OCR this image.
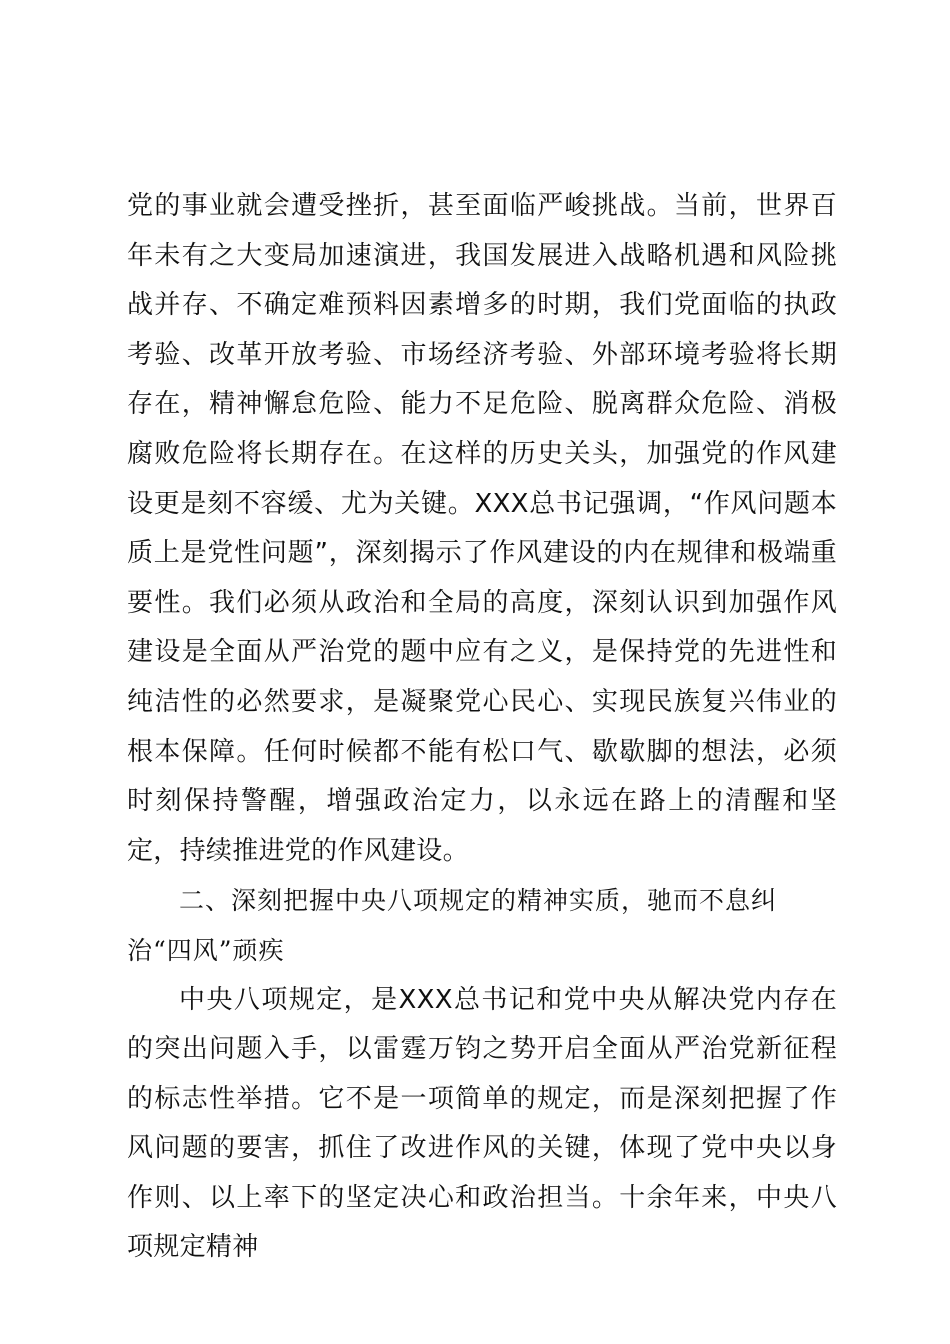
党的事业就会遭受挫折，甚至面临严峻挑战。当前，世界百年未有之大变局加速演进，我国发展进入战略机遇和风险挑战并存、不确定难预料因素增多的时期，我们党面临的执政考验、改革开放考验、市场经济考验、外部环境考验将长期存在，精神懈怠危险、能力不足危险、脱离群众危险、消极腐败危险将长期存在。在这样的历史关头，加强党的作风建设更是刻不容缓、尤为关键。XXX总书记强调，“作风问题本质上是党性问题”，深刻揭示了作风建设的内在规律和极端重要性。我们必须从政治和全局的高度，深刻认识到加强作风建设是全面从严治党的题中应有之义，是保持党的先进性和纯洁性的必然要求，是凝聚党心民心、实现民族复兴伟业的根本保障。任何时候都不能有松口气、歇歇脚的想法，必须时刻保持警醒，增强政治定力，以永远在路上的清醒和坚定，持续推进党的作风建设。

二、深刻把握中央八项规定的精神实质，驰而不息纠治“四风”顽疾

中央八项规定，是XXX总书记和党中央从解决党内存在的突出问题入手，以雷霆万钧之势开启全面从严治党新征程的标志性举措。它不是一项简单的规定，而是深刻把握了作风问题的要害，抓住了改进作风的关键，体现了党中央以身作则、以上率下的坚定决心和政治担当。十余年来，中央八项规定精神
